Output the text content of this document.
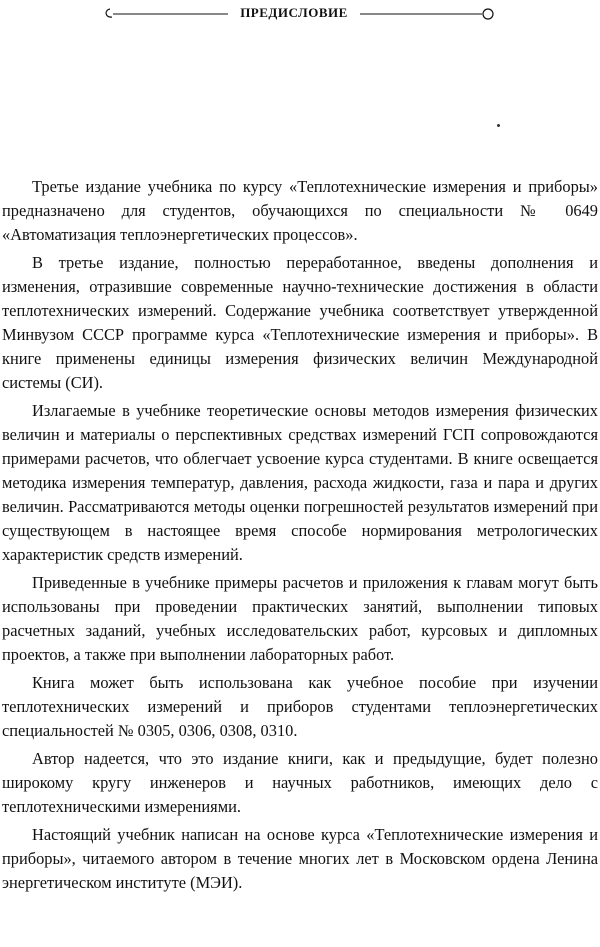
ПРЕДИСЛОВИЕ

Третье издание учебника по курсу «Теплотехнические измерения и приборы» предназначено для студентов, обучающихся по специальности № 0649 «Автоматизация теплоэнергетических процессов».

В третье издание, полностью переработанное, введены дополнения и изменения, отразившие современные научно-технические достижения в области теплотехнических измерений. Содержание учебника соответствует утвержденной Минвузом СССР программе курса «Теплотехнические измерения и приборы». В книге применены единицы измерения физических величин Международной системы (СИ).

Излагаемые в учебнике теоретические основы методов измерения физических величин и материалы о перспективных средствах измерений ГСП сопровождаются примерами расчетов, что облегчает усвоение курса студентами. В книге освещается методика измерения температур, давления, расхода жидкости, газа и пара и других величин. Рассматриваются методы оценки погрешностей результатов измерений при существующем в настоящее время способе нормирования метрологических характеристик средств измерений.

Приведенные в учебнике примеры расчетов и приложения к главам могут быть использованы при проведении практических занятий, выполнении типовых расчетных заданий, учебных исследовательских работ, курсовых и дипломных проектов, а также при выполнении лабораторных работ.

Книга может быть использована как учебное пособие при изучении теплотехнических измерений и приборов студентами теплоэнергетических специальностей № 0305, 0306, 0308, 0310.

Автор надеется, что это издание книги, как и предыдущие, будет полезно широкому кругу инженеров и научных работников, имеющих дело с теплотехническими измерениями.

Настоящий учебник написан на основе курса «Теплотехнические измерения и приборы», читаемого автором в течение многих лет в Московском ордена Ленина энергетическом институте (МЭИ).
